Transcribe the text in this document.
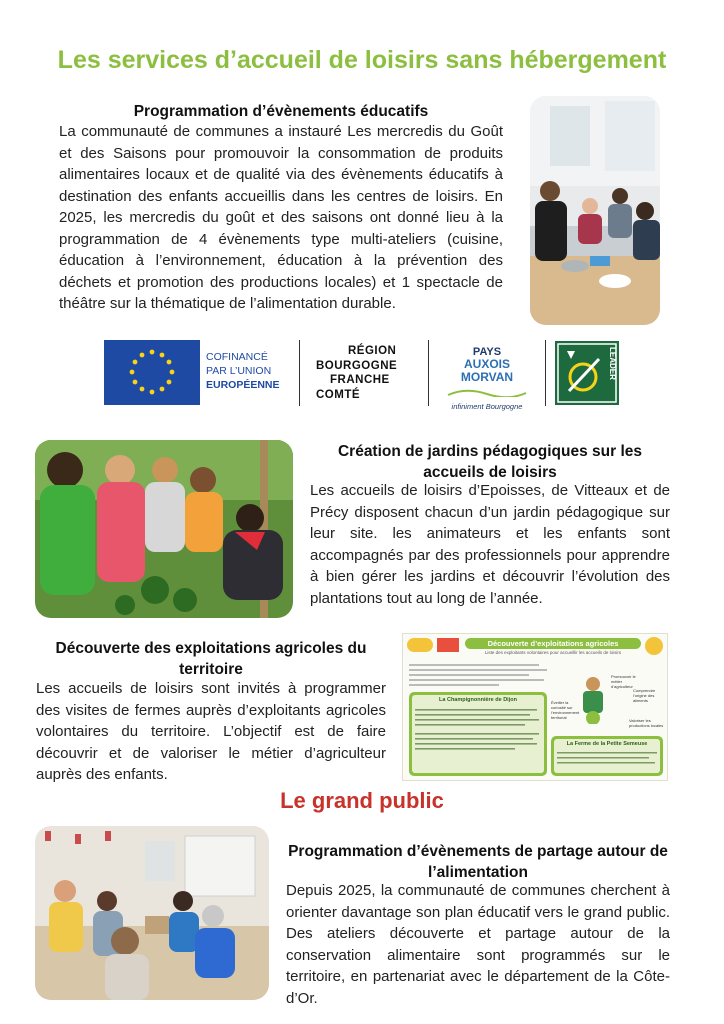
Les services d’accueil de loisirs sans hébergement
Programmation d’évènements éducatifs
La communauté de communes a instauré Les mercredis du Goût et des Saisons pour promouvoir la consommation de produits alimentaires locaux et de qualité via des évènements éducatifs à destination des enfants accueillis dans les centres de loisirs. En 2025, les mercredis du goût et des saisons ont donné lieu à la programmation de 4 évènements type multi-ateliers (cuisine, éducation à l’environnement, éducation à la prévention des déchets et promotion des productions locales) et 1 spectacle de théâtre sur la thématique de l’alimentation durable.
COFINANCÉ
PAR L’UNION
EUROPÉENNE
RÉGION
BOURGOGNE
FRANCHE
COMTÉ
PAYS
AUXOIS
MORVAN
infiniment Bourgogne
LEADER
Création de jardins pédagogiques sur les accueils de loisirs
Les accueils de loisirs d’Epoisses, de Vitteaux et de Précy disposent chacun d’un jardin pédagogique sur leur site. les animateurs et les enfants sont accompagnés par des professionnels pour apprendre à bien gérer les jardins et découvrir l’évolution des plantations tout au long de l’année.
Découverte des exploitations agricoles du territoire
Les accueils de loisirs sont invités à programmer des visites de fermes auprès d’exploitants agricoles volontaires du territoire. L’objectif est de faire découvrir et de valoriser le métier d’agriculteur auprès des enfants.
Découverte d’exploitations agricoles
Liste des exploitants volontaires pour accueillir les accueils de loisirs
La Champignonnière de Dijon	Éveiller la curiosité sur l’environnement territorial
Promouvoir le métier d’agriculteur
Comprendre l’origine des aliments
Valoriser les productions locales
La Ferme de la Petite Semeuse
Le grand public
Programmation d’évènements de partage autour de l’alimentation
Depuis 2025, la communauté de communes cherchent à orienter davantage son plan éducatif vers le grand public. Des ateliers découverte et partage autour de la conservation alimentaire sont programmés sur le territoire, en partenariat avec le département de la Côte-d’Or.
